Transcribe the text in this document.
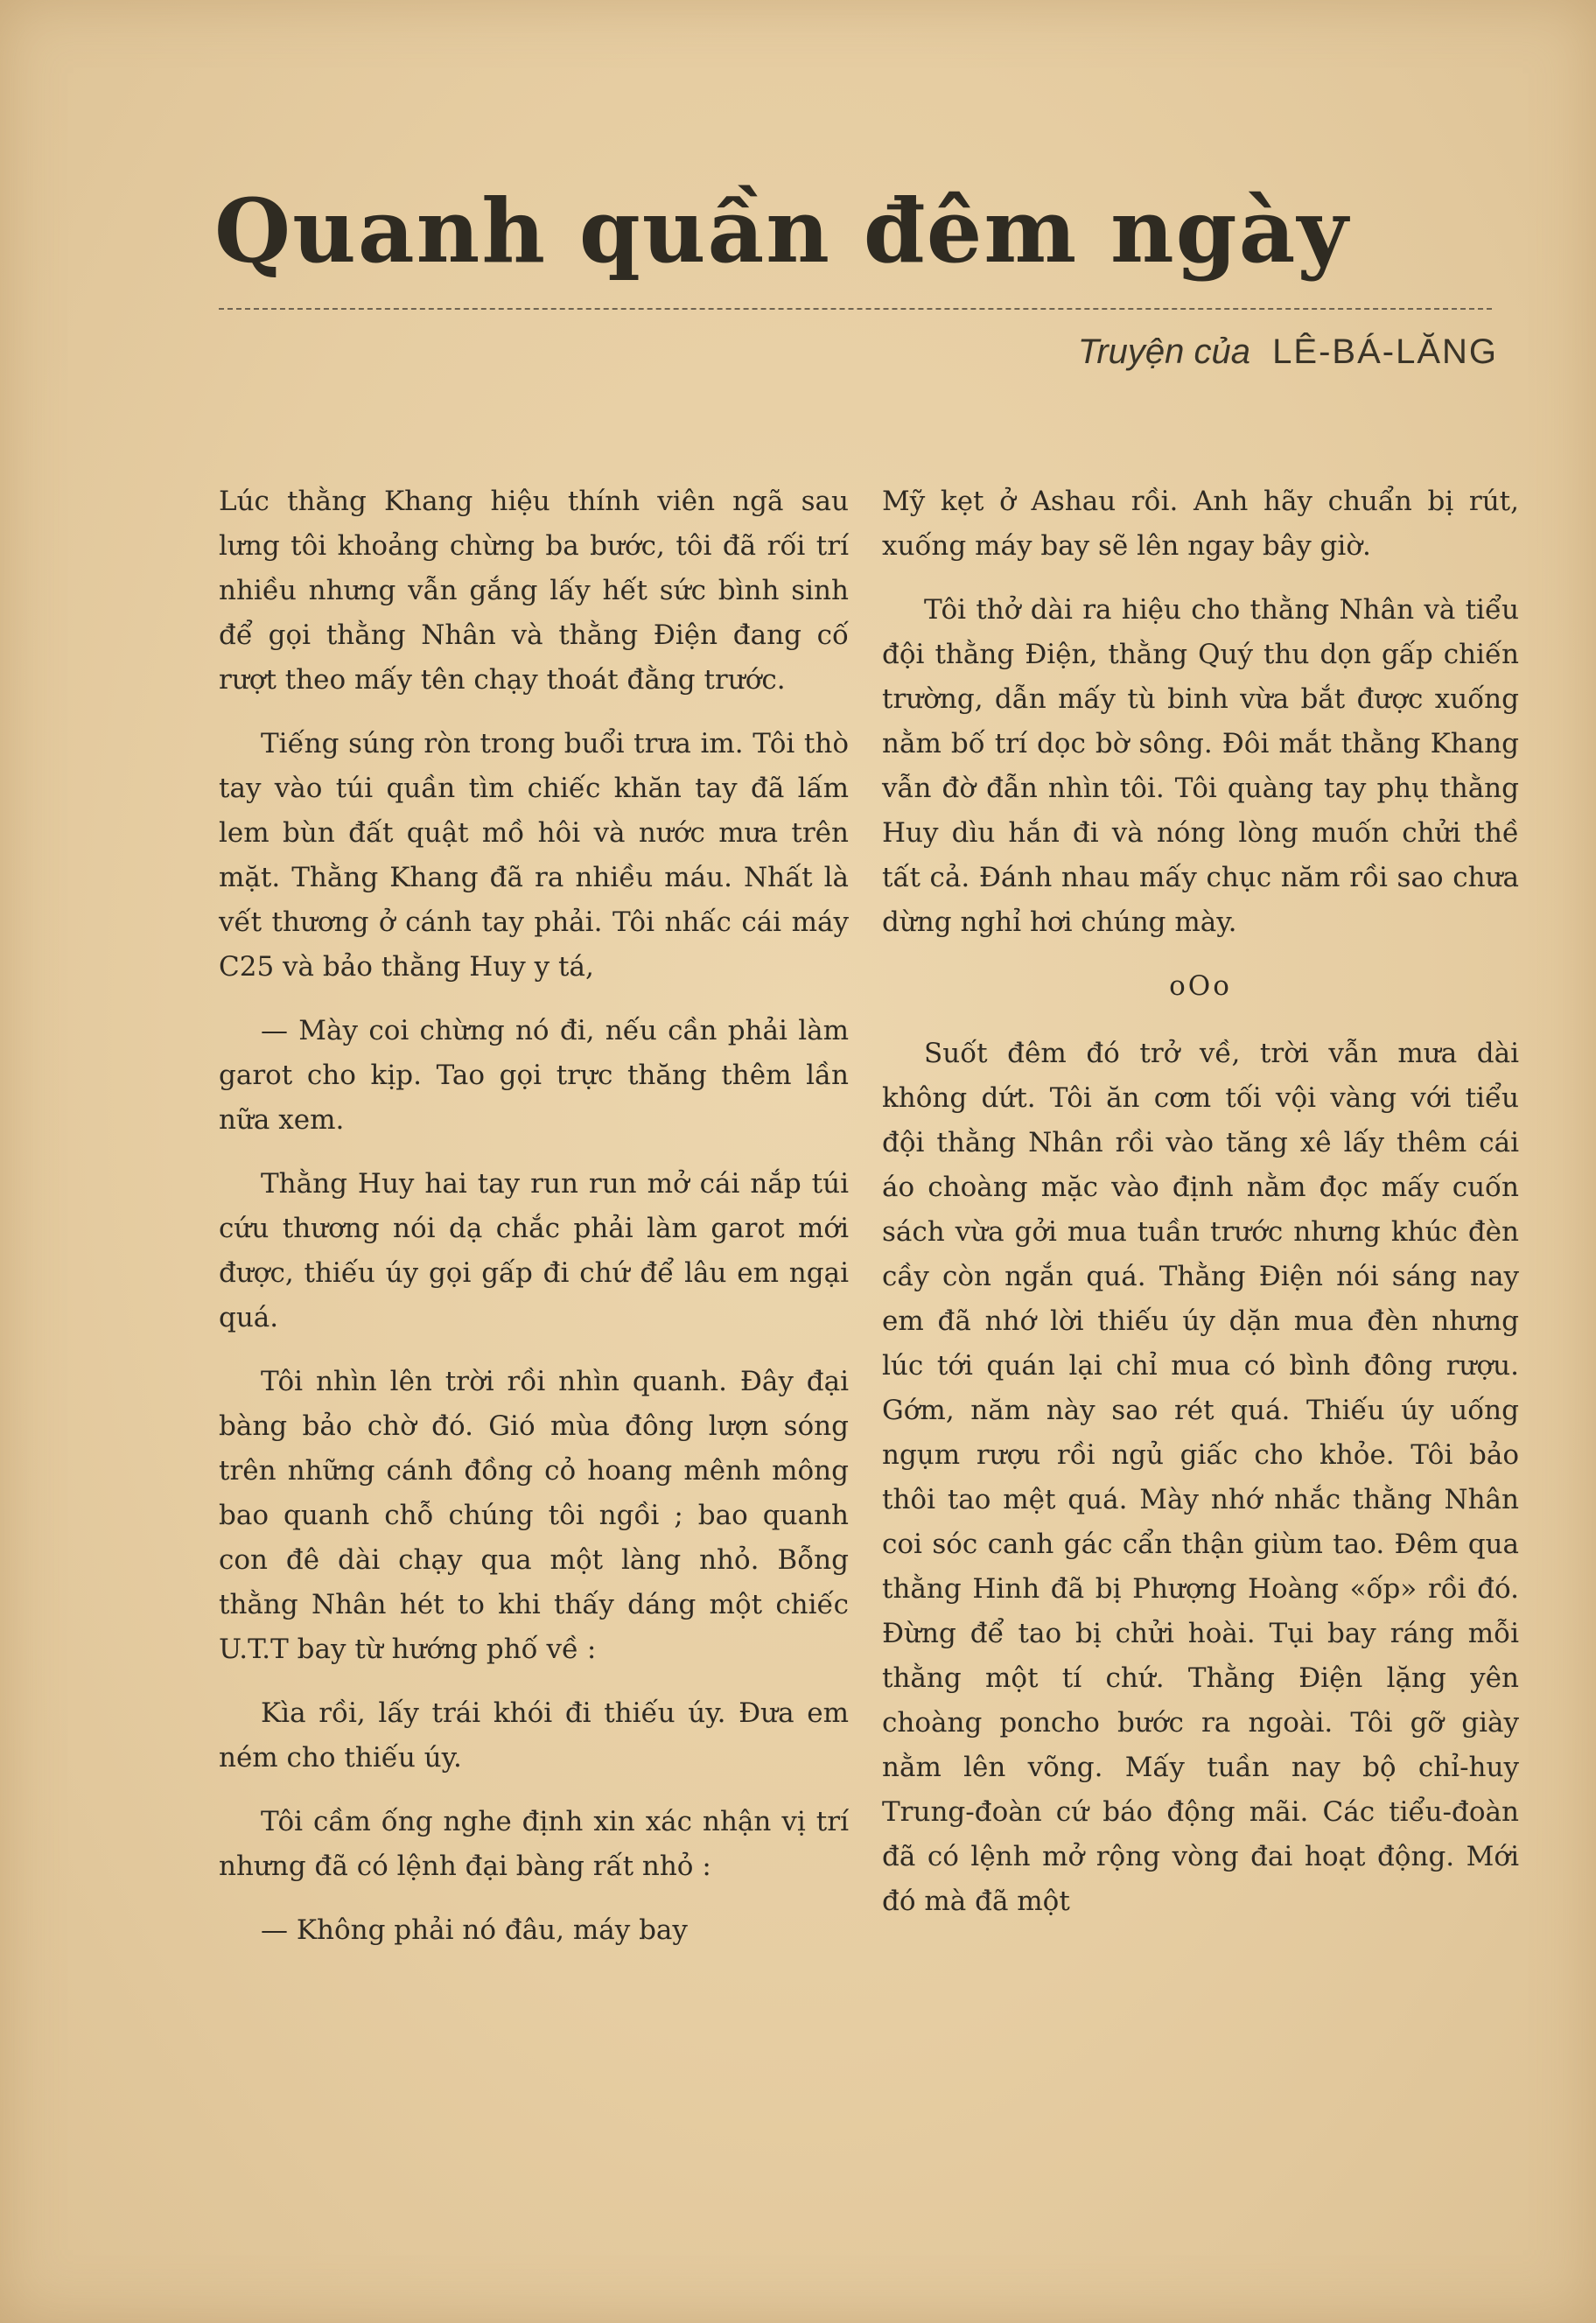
Quanh quần đêm ngày
Truyện của LÊ-BÁ-LĂNG

Lúc thằng Khang hiệu thính viên ngã sau lưng tôi khoảng chừng ba bước, tôi đã rối trí nhiều nhưng vẫn gắng lấy hết sức bình sinh để gọi thằng Nhân và thằng Điện đang cố rượt theo mấy tên chạy thoát đằng trước.

Tiếng súng ròn trong buổi trưa im. Tôi thò tay vào túi quần tìm chiếc khăn tay đã lấm lem bùn đất quật mồ hôi và nước mưa trên mặt. Thằng Khang đã ra nhiều máu. Nhất là vết thương ở cánh tay phải. Tôi nhấc cái máy C25 và bảo thằng Huy y tá,

— Mày coi chừng nó đi, nếu cần phải làm garot cho kịp. Tao gọi trực thăng thêm lần nữa xem.

Thằng Huy hai tay run run mở cái nắp túi cứu thương nói dạ chắc phải làm garot mới được, thiếu úy gọi gấp đi chứ để lâu em ngại quá.

Tôi nhìn lên trời rồi nhìn quanh. Đây đại bàng bảo chờ đó. Gió mùa đông lượn sóng trên những cánh đồng cỏ hoang mênh mông bao quanh chỗ chúng tôi ngồi ; bao quanh con đê dài chạy qua một làng nhỏ. Bỗng thằng Nhân hét to khi thấy dáng một chiếc U.T.T bay từ hướng phố về :

Kìa rồi, lấy trái khói đi thiếu úy. Đưa em ném cho thiếu úy.

Tôi cầm ống nghe định xin xác nhận vị trí nhưng đã có lệnh đại bàng rất nhỏ :

— Không phải nó đâu, máy bay

Mỹ kẹt ở Ashau rồi. Anh hãy chuẩn bị rút, xuống máy bay sẽ lên ngay bây giờ.

Tôi thở dài ra hiệu cho thằng Nhân và tiểu đội thằng Điện, thằng Quý thu dọn gấp chiến trường, dẫn mấy tù binh vừa bắt được xuống nằm bố trí dọc bờ sông. Đôi mắt thằng Khang vẫn đờ đẫn nhìn tôi. Tôi quàng tay phụ thằng Huy dìu hắn đi và nóng lòng muốn chửi thề tất cả. Đánh nhau mấy chục năm rồi sao chưa dừng nghỉ hơi chúng mày.

oOo

Suốt đêm đó trở về, trời vẫn mưa dài không dứt. Tôi ăn cơm tối vội vàng với tiểu đội thằng Nhân rồi vào tăng xê lấy thêm cái áo choàng mặc vào định nằm đọc mấy cuốn sách vừa gởi mua tuần trước nhưng khúc đèn cầy còn ngắn quá. Thằng Điện nói sáng nay em đã nhớ lời thiếu úy dặn mua đèn nhưng lúc tới quán lại chỉ mua có bình đông rượu. Gớm, năm này sao rét quá. Thiếu úy uống ngụm rượu rồi ngủ giấc cho khỏe. Tôi bảo thôi tao mệt quá. Mày nhớ nhắc thằng Nhân coi sóc canh gác cẩn thận giùm tao. Đêm qua thằng Hinh đã bị Phượng Hoàng «ốp» rồi đó. Đừng để tao bị chửi hoài. Tụi bay ráng mỗi thằng một tí chứ. Thằng Điện lặng yên choàng poncho bước ra ngoài. Tôi gỡ giày nằm lên võng. Mấy tuần nay bộ chỉ-huy Trung-đoàn cứ báo động mãi. Các tiểu-đoàn đã có lệnh mở rộng vòng đai hoạt động. Mới đó mà đã một
